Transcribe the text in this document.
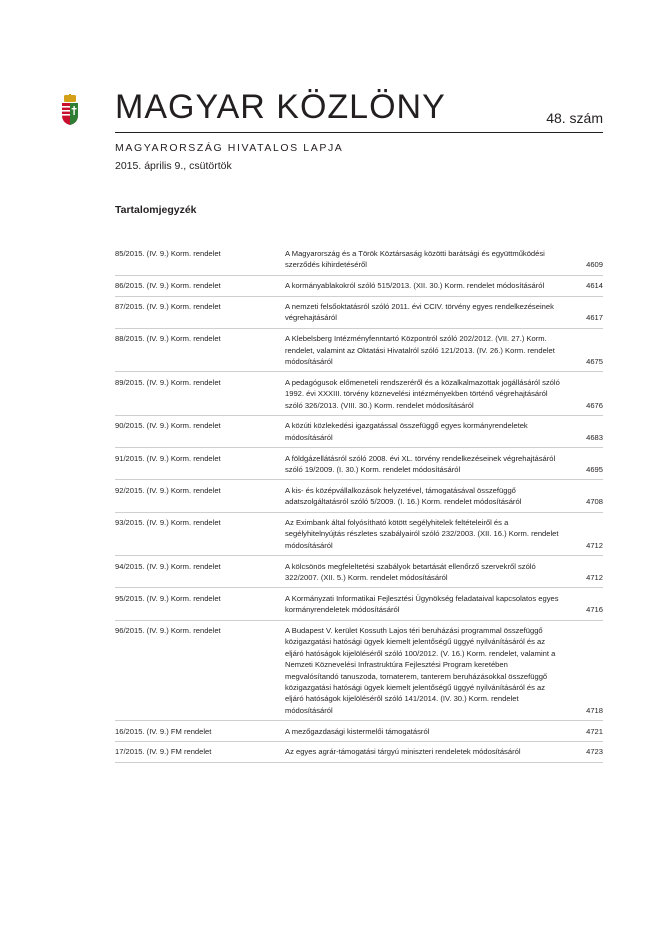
MAGYAR KÖZLÖNY	48. szám
MAGYARORSZÁG HIVATALOS LAPJA
2015. április 9., csütörtök
Tartalomjegyzék
85/2015. (IV. 9.) Korm. rendelet	A Magyarország és a Török Köztársaság közötti barátsági és együttműködési szerződés kihirdetéséről	4609
86/2015. (IV. 9.) Korm. rendelet	A kormányablakokról szóló 515/2013. (XII. 30.) Korm. rendelet módosításáról	4614
87/2015. (IV. 9.) Korm. rendelet	A nemzeti felsőoktatásról szóló 2011. évi CCIV. törvény egyes rendelkezéseinek végrehajtásáról	4617
88/2015. (IV. 9.) Korm. rendelet	A Klebelsberg Intézményfenntartó Központról szóló 202/2012. (VII. 27.) Korm. rendelet, valamint az Oktatási Hivatalról szóló 121/2013. (IV. 26.) Korm. rendelet módosításáról	4675
89/2015. (IV. 9.) Korm. rendelet	A pedagógusok előmeneteli rendszeréről és a közalkalmazottak jogállásáról szóló 1992. évi XXXIII. törvény köznevelési intézményekben történő végrehajtásáról szóló 326/2013. (VIII. 30.) Korm. rendelet módosításáról	4676
90/2015. (IV. 9.) Korm. rendelet	A közúti közlekedési igazgatással összefüggő egyes kormányrendeletek módosításáról	4683
91/2015. (IV. 9.) Korm. rendelet	A földgázellátásról szóló 2008. évi XL. törvény rendelkezéseinek végrehajtásáról szóló 19/2009. (I. 30.) Korm. rendelet módosításáról	4695
92/2015. (IV. 9.) Korm. rendelet	A kis- és középvállalkozások helyzetével, támogatásával összefüggő adatszolgáltatásról szóló 5/2009. (I. 16.) Korm. rendelet módosításáról	4708
93/2015. (IV. 9.) Korm. rendelet	Az Eximbank által folyósítható kötött segélyhitelek feltételeiről és a segélyhitelnyújtás részletes szabályairól szóló 232/2003. (XII. 16.) Korm. rendelet módosításáról	4712
94/2015. (IV. 9.) Korm. rendelet	A kölcsönös megfeleltetési szabályok betartását ellenőrző szervekről szóló 322/2007. (XII. 5.) Korm. rendelet módosításáról	4712
95/2015. (IV. 9.) Korm. rendelet	A Kormányzati Informatikai Fejlesztési Ügynökség feladataival kapcsolatos egyes kormányrendeletek módosításáról	4716
96/2015. (IV. 9.) Korm. rendelet	A Budapest V. kerület Kossuth Lajos téri beruházási programmal összefüggő közigazgatási hatósági ügyek kiemelt jelentőségű üggyé nyilvánításáról és az eljáró hatóságok kijelöléséről szóló 100/2012. (V. 16.) Korm. rendelet, valamint a Nemzeti Köznevelési Infrastruktúra Fejlesztési Program keretében megvalósítandó tanuszoda, tornaterem, tanterem beruházásokkal összefüggő közigazgatási hatósági ügyek kiemelt jelentőségű üggyé nyilvánításáról és az eljáró hatóságok kijelöléséről szóló 141/2014. (IV. 30.) Korm. rendelet módosításáról	4718
16/2015. (IV. 9.) FM rendelet	A mezőgazdasági kistermelői támogatásról	4721
17/2015. (IV. 9.) FM rendelet	Az egyes agrár-támogatási tárgyú miniszteri rendeletek módosításáról	4723
